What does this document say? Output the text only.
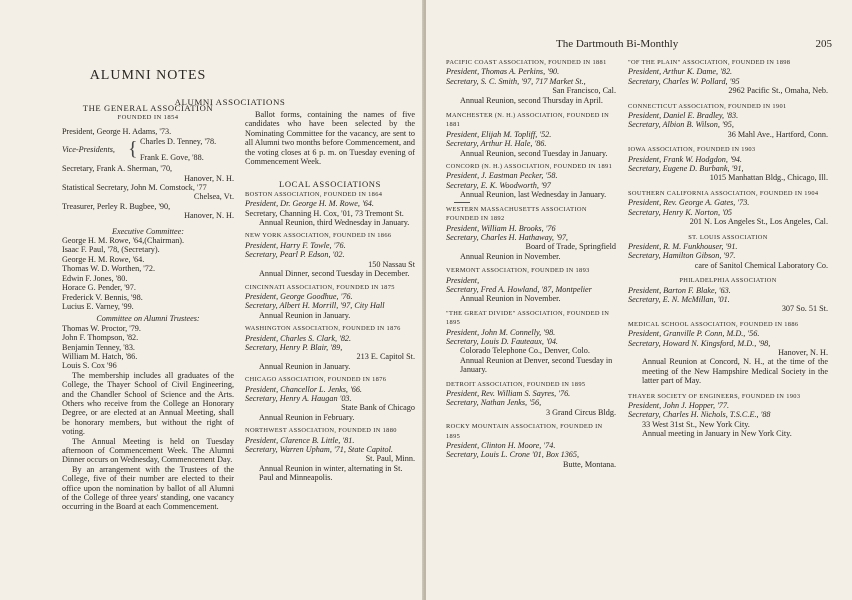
ALUMNI NOTES

THE GENERAL ASSOCIATION

FOUNDED IN 1854

President, George H. Adams, '73.

Vice-Presidents, { Charles D. Tenney, '78.
Frank E. Gove, '88.

Secretary, Frank A. Sherman, '70,

Hanover, N. H.

Statistical Secretary, John M. Comstock, '77

Chelsea, Vt.

Treasurer, Perley R. Bugbee, '90,

Hanover, N. H.

Executive Committee:

George H. M. Rowe, '64,(Chairman).

Isaac F. Paul, '78, (Secretary).

George H. M. Rowe, '64.

Thomas W. D. Worthen, '72.

Edwin F. Jones, '80.

Horace G. Pender, '97.

Frederick V. Bennis, '98.

Lucius E. Varney, '99.

Committee on Alumni Trustees:

Thomas W. Proctor, '79.

John F. Thompson, '82.

Benjamin Tenney, '83.

William M. Hatch, '86.

Louis S. Cox '96

The membership includes all graduates of the College, the Thayer School of Civil Engineering, and the Chandler School of Science and the Arts. Others who receive from the College an Honorary Degree, or are elected at an Annual Meeting, shall be honorary members, but without the right of voting.

The Annual Meeting is held on Tuesday afternoon of Commencement Week. The Alumni Dinner occurs on Wednesday, Commencement Day.

By an arrangement with the Trustees of the College, five of their number are elected to their office upon the nomination by ballot of all Alumni of the College of three years' standing, one vacancy occurring in the Board at each Commencement.

ALUMNI ASSOCIATIONS

Ballot forms, containing the names of five candidates who have been selected by the Nominating Committee for the vacancy, are sent to all Alumni two months before Commencement, and the voting closes at 6 p. m. on Tuesday evening of Commencement Week.

LOCAL ASSOCIATIONS

BOSTON ASSOCIATION, FOUNDED IN 1864

President, Dr. George H. M. Rowe, '64.

Secretary, Channing H. Cox, '01, 73 Tremont St.

Annual Reunion, third Wednesday in January.

NEW YORK ASSOCIATION, FOUNDED IN 1866

President, Harry F. Towle, '76.

Secretary, Pearl P. Edson, '02.

150 Nassau St

Annual Dinner, second Tuesday in December.

CINCINNATI ASSOCIATION, FOUNDED IN 1875

President, George Goodhue, '76.

Secretary, Albert H. Morrill, '97, City Hall

Annual Reunion in January.

WASHINGTON ASSOCIATION, FOUNDED IN 1876

President, Charles S. Clark, '82.

Secretary, Henry P. Blair, '89,

213 E. Capitol St.

Annual Reunion in January.

CHICAGO ASSOCIATION, FOUNDED IN 1876

President, Chancellor L. Jenks, '66.

Secretary, Henry A. Haugan '03.

State Bank of Chicago

Annual Reunion in February.

NORTHWEST ASSOCIATION, FOUNDED IN 1880

President, Clarence B. Little, '81.

Secretary, Warren Upham, '71, State Capitol.

St. Paul, Minn.

Annual Reunion in winter, alternating in St. Paul and Minneapolis.

The Dartmouth Bi-Monthly	205

PACIFIC COAST ASSOCIATION, FOUNDED IN 1881

President, Thomas A. Perkins, '90.

Secretary, S. C. Smith, '97, 717 Market St.,

San Francisco, Cal.

Annual Reunion, second Thursday in April.

MANCHESTER (N. H.) ASSOCIATION, FOUNDED IN 1881

President, Elijah M. Topliff, '52.

Secretary, Arthur H. Hale, '86.

Annual Reunion, second Tuesday in January.

CONCORD (N. H.) ASSOCIATION, FOUNDED IN 1891

President, J. Eastman Pecker, '58.

Secretary, E. K. Woodworth, '97

Annual Reunion, last Wednesday in January.

WESTERN MASSACHUSETTS ASSOCIATION FOUNDED IN 1892

President, William H. Brooks, '76

Secretary, Charles H. Hathaway, '97,

Board of Trade, Springfield

Annual Reunion in November.

VERMONT ASSOCIATION, FOUNDED IN 1893

President,

Secretary, Fred A. Howland, '87, Montpelier

Annual Reunion in November.

"THE GREAT DIVIDE" ASSOCIATION, FOUNDED IN 1895

President, John M. Connelly, '98.

Secretary, Louis D. Fauteaux, '04.

Colorado Telephone Co., Denver, Colo.

Annual Reunion at Denver, second Tuesday in January.

DETROIT ASSOCIATION, FOUNDED IN 1895

President, Rev. William S. Sayres, '76.

Secretary, Nathan Jenks, '56,

3 Grand Circus Bldg.

ROCKY MOUNTAIN ASSOCIATION, FOUNDED IN 1895

President, Clinton H. Moore, '74.

Secretary, Louis L. Crone '01, Box 1365,

Butte, Montana.

"OF THE PLAIN" ASSOCIATION, FOUNDED IN 1898

President, Arthur K. Dame, '82.

Secretary, Charles W. Pollard, '95

2962 Pacific St., Omaha, Neb.

CONNECTICUT ASSOCIATION, FOUNDED IN 1901

President, Daniel E. Bradley, '83.

Secretary, Albion B. Wilson, '95,

36 Mahl Ave., Hartford, Conn.

IOWA ASSOCIATION, FOUNDED IN 1903

President, Frank W. Hodgdon, '94.

Secretary, Eugene D. Burbank, '91,

1015 Manhattan Bldg., Chicago, Ill.

SOUTHERN CALIFORNIA ASSOCIATION, FOUNDED IN 1904

President, Rev. George A. Gates, '73.

Secretary, Henry K. Norton, '05

201 N. Los Angeles St., Los Angeles, Cal.

ST. LOUIS ASSOCIATION

President, R. M. Funkhouser, '91.

Secretary, Hamilton Gibson, '97.

care of Sanitol Chemical Laboratory Co.

PHILADELPHIA ASSOCIATION

President, Barton F. Blake, '63.

Secretary, E. N. McMillan, '01.

307 So. 51 St.

MEDICAL SCHOOL ASSOCIATION, FOUNDED IN 1886

President, Granville P. Conn, M.D., '56.

Secretary, Howard N. Kingsford, M.D., '98,

Hanover, N. H.

Annual Reunion at Concord, N. H., at the time of the meeting of the New Hampshire Medical Society in the latter part of May.

THAYER SOCIETY OF ENGINEERS, FOUNDED IN 1903

President, John J. Hopper, '77.

Secretary, Charles H. Nichols, T.S.C.E., '88

33 West 31st St., New York City.

Annual meeting in January in New York City.
